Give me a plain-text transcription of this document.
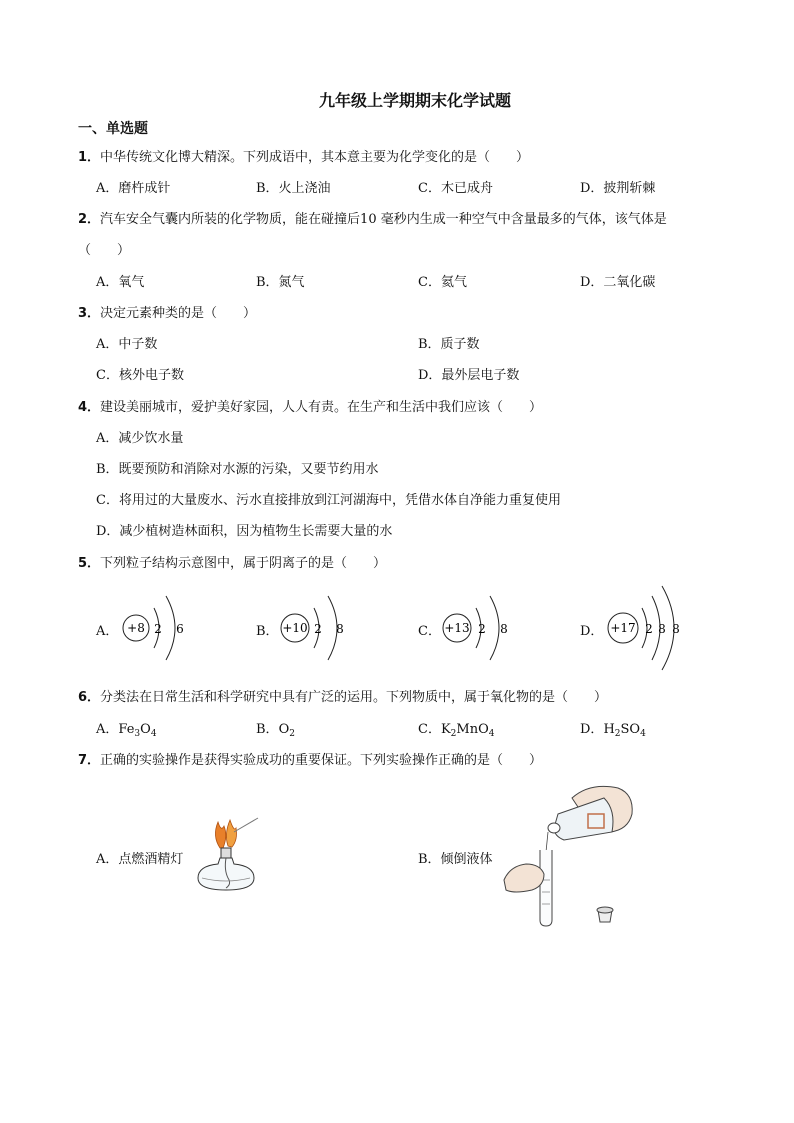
九年级上学期期末化学试题
一、单选题
1．中华传统文化博大精深。下列成语中，其本意主要为化学变化的是（　　）
A．磨杵成针	B．火上浇油	C．木已成舟	D．披荆斩棘
2．汽车安全气囊内所装的化学物质，能在碰撞后10 毫秒内生成一种空气中含量最多的气体，该气体是
（　　）
A．氧气	B．氮气	C．氦气	D．二氧化碳
3．决定元素种类的是（　　）
A．中子数	B．质子数
C．核外电子数	D．最外层电子数
4．建设美丽城市，爱护美好家园，人人有责。在生产和生活中我们应该（　　）
A．减少饮水量
B．既要预防和消除对水源的污染，又要节约用水
C．将用过的大量废水、污水直接排放到江河湖海中，凭借水体自净能力重复使用
D．减少植树造林面积，因为植物生长需要大量的水
5．下列粒子结构示意图中，属于阴离子的是（　　）
A． +8 2 6	B． +10 2 8	C． +13 2 8	D． +17 2 8 8
6．分类法在日常生活和科学研究中具有广泛的运用。下列物质中，属于氧化物的是（　　）
A．$Fe_3O_4$	B．$O_2$	C．$K_2MnO_4$	D．$H_2SO_4$
7．正确的实验操作是获得实验成功的重要保证。下列实验操作正确的是（　　）
A．点燃酒精灯	B．倾倒液体
